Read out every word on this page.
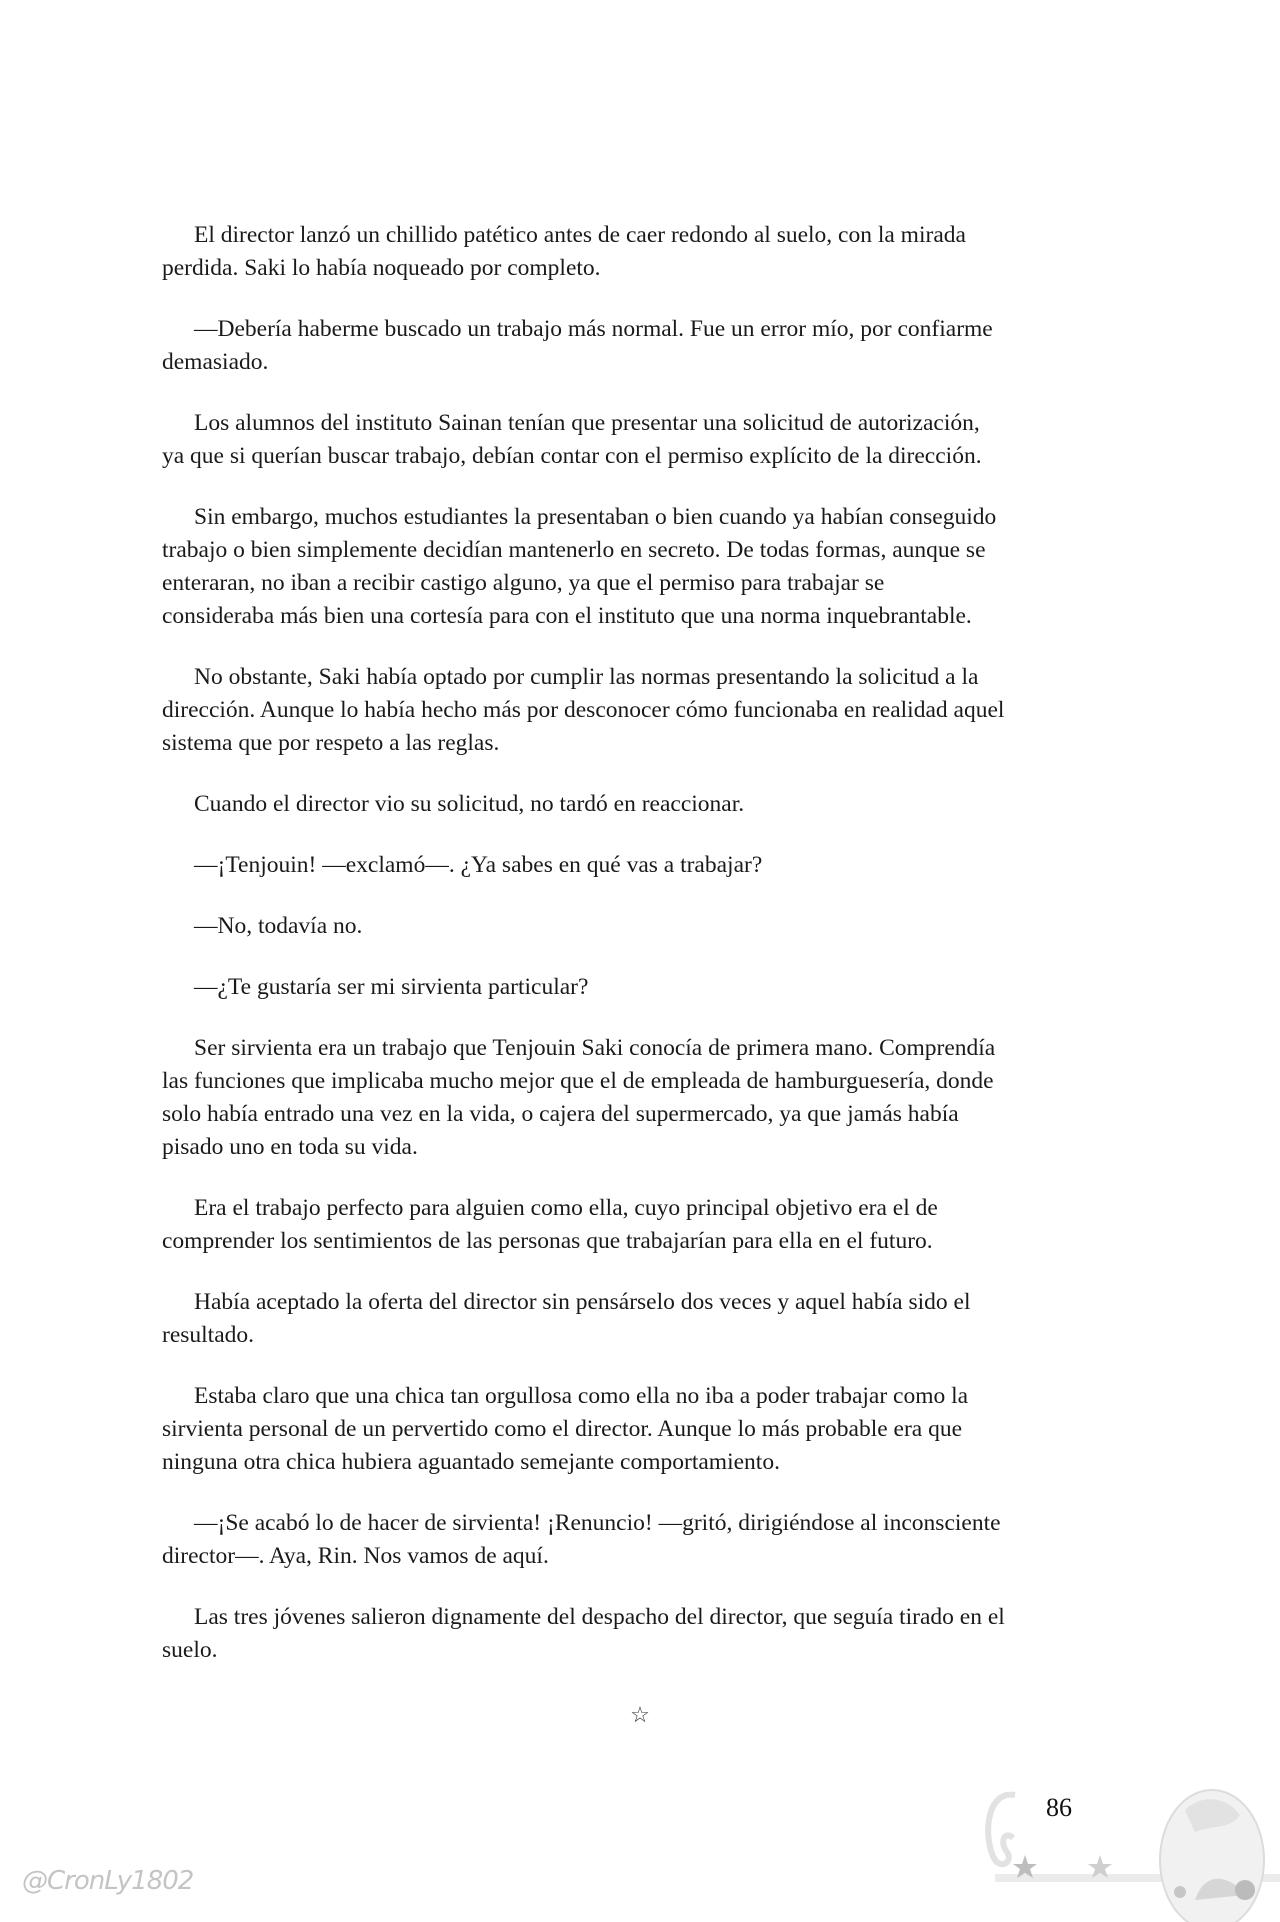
El director lanzó un chillido patético antes de caer redondo al suelo, con la mirada
perdida. Saki lo había noqueado por completo.
—Debería haberme buscado un trabajo más normal. Fue un error mío, por confiarme
demasiado.
Los alumnos del instituto Sainan tenían que presentar una solicitud de autorización,
ya que si querían buscar trabajo, debían contar con el permiso explícito de la dirección.
Sin embargo, muchos estudiantes la presentaban o bien cuando ya habían conseguido
trabajo o bien simplemente decidían mantenerlo en secreto. De todas formas, aunque se
enteraran, no iban a recibir castigo alguno, ya que el permiso para trabajar se
consideraba más bien una cortesía para con el instituto que una norma inquebrantable.
No obstante, Saki había optado por cumplir las normas presentando la solicitud a la
dirección. Aunque lo había hecho más por desconocer cómo funcionaba en realidad aquel
sistema que por respeto a las reglas.
Cuando el director vio su solicitud, no tardó en reaccionar.
—¡Tenjouin! —exclamó—. ¿Ya sabes en qué vas a trabajar?
—No, todavía no.
—¿Te gustaría ser mi sirvienta particular?
Ser sirvienta era un trabajo que Tenjouin Saki conocía de primera mano. Comprendía
las funciones que implicaba mucho mejor que el de empleada de hamburguesería, donde
solo había entrado una vez en la vida, o cajera del supermercado, ya que jamás había
pisado uno en toda su vida.
Era el trabajo perfecto para alguien como ella, cuyo principal objetivo era el de
comprender los sentimientos de las personas que trabajarían para ella en el futuro.
Había aceptado la oferta del director sin pensárselo dos veces y aquel había sido el
resultado.
Estaba claro que una chica tan orgullosa como ella no iba a poder trabajar como la
sirvienta personal de un pervertido como el director. Aunque lo más probable era que
ninguna otra chica hubiera aguantado semejante comportamiento.
—¡Se acabó lo de hacer de sirvienta! ¡Renuncio! —gritó, dirigiéndose al inconsciente
director—. Aya, Rin. Nos vamos de aquí.
Las tres jóvenes salieron dignamente del despacho del director, que seguía tirado en el
suelo.
☆
86
@CronLy1802
